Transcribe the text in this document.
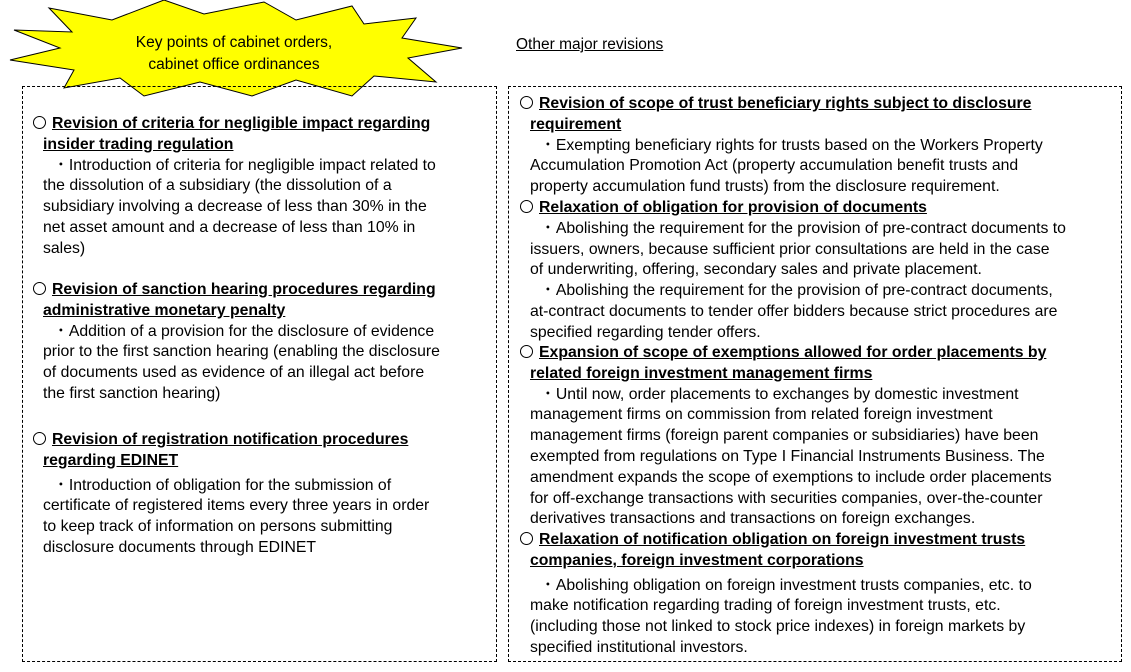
Key points of cabinet orders,
cabinet office ordinances
Other major revisions
Revision of criteria for negligible impact regarding
insider trading regulation
・ Introduction of criteria for negligible impact related to
the dissolution of a subsidiary (the dissolution of a
subsidiary involving a decrease of less than 30% in the
net asset amount and a decrease of less than 10% in
sales)
Revision of sanction hearing procedures regarding
administrative monetary penalty
・ Addition of a provision for the disclosure of evidence
prior to the first sanction hearing (enabling the disclosure
of documents used as evidence of an illegal act before
the first sanction hearing)
Revision of registration notification procedures
regarding EDINET
・ Introduction of obligation for the submission of
certificate of registered items every three years in order
to keep track of information on persons submitting
disclosure documents through EDINET
Revision of scope of trust beneficiary rights subject to disclosure
requirement
・ Exempting beneficiary rights for trusts based on the Workers Property
Accumulation Promotion Act (property accumulation benefit trusts and
property accumulation fund trusts) from the disclosure requirement.
Relaxation of obligation for provision of documents
・ Abolishing the requirement for the provision of pre-contract documents to
issuers, owners, because sufficient prior consultations are held in the case
of underwriting, offering, secondary sales and private placement.
・ Abolishing the requirement for the provision of pre-contract documents,
at-contract documents to tender offer bidders because strict procedures are
specified regarding tender offers.
Expansion of scope of exemptions allowed for order placements by
related foreign investment management firms
・ Until now, order placements to exchanges by domestic investment
management firms on commission from related foreign investment
management firms (foreign parent companies or subsidiaries) have been
exempted from regulations on Type I Financial Instruments Business. The
amendment expands the scope of exemptions to include order placements
for off-exchange transactions with securities companies, over-the-counter
derivatives transactions and transactions on foreign exchanges.
Relaxation of notification obligation on foreign investment trusts
companies, foreign investment corporations
・ Abolishing obligation on foreign investment trusts companies, etc. to
make notification regarding trading of foreign investment trusts, etc.
(including those not linked to stock price indexes) in foreign markets by
specified institutional investors.
